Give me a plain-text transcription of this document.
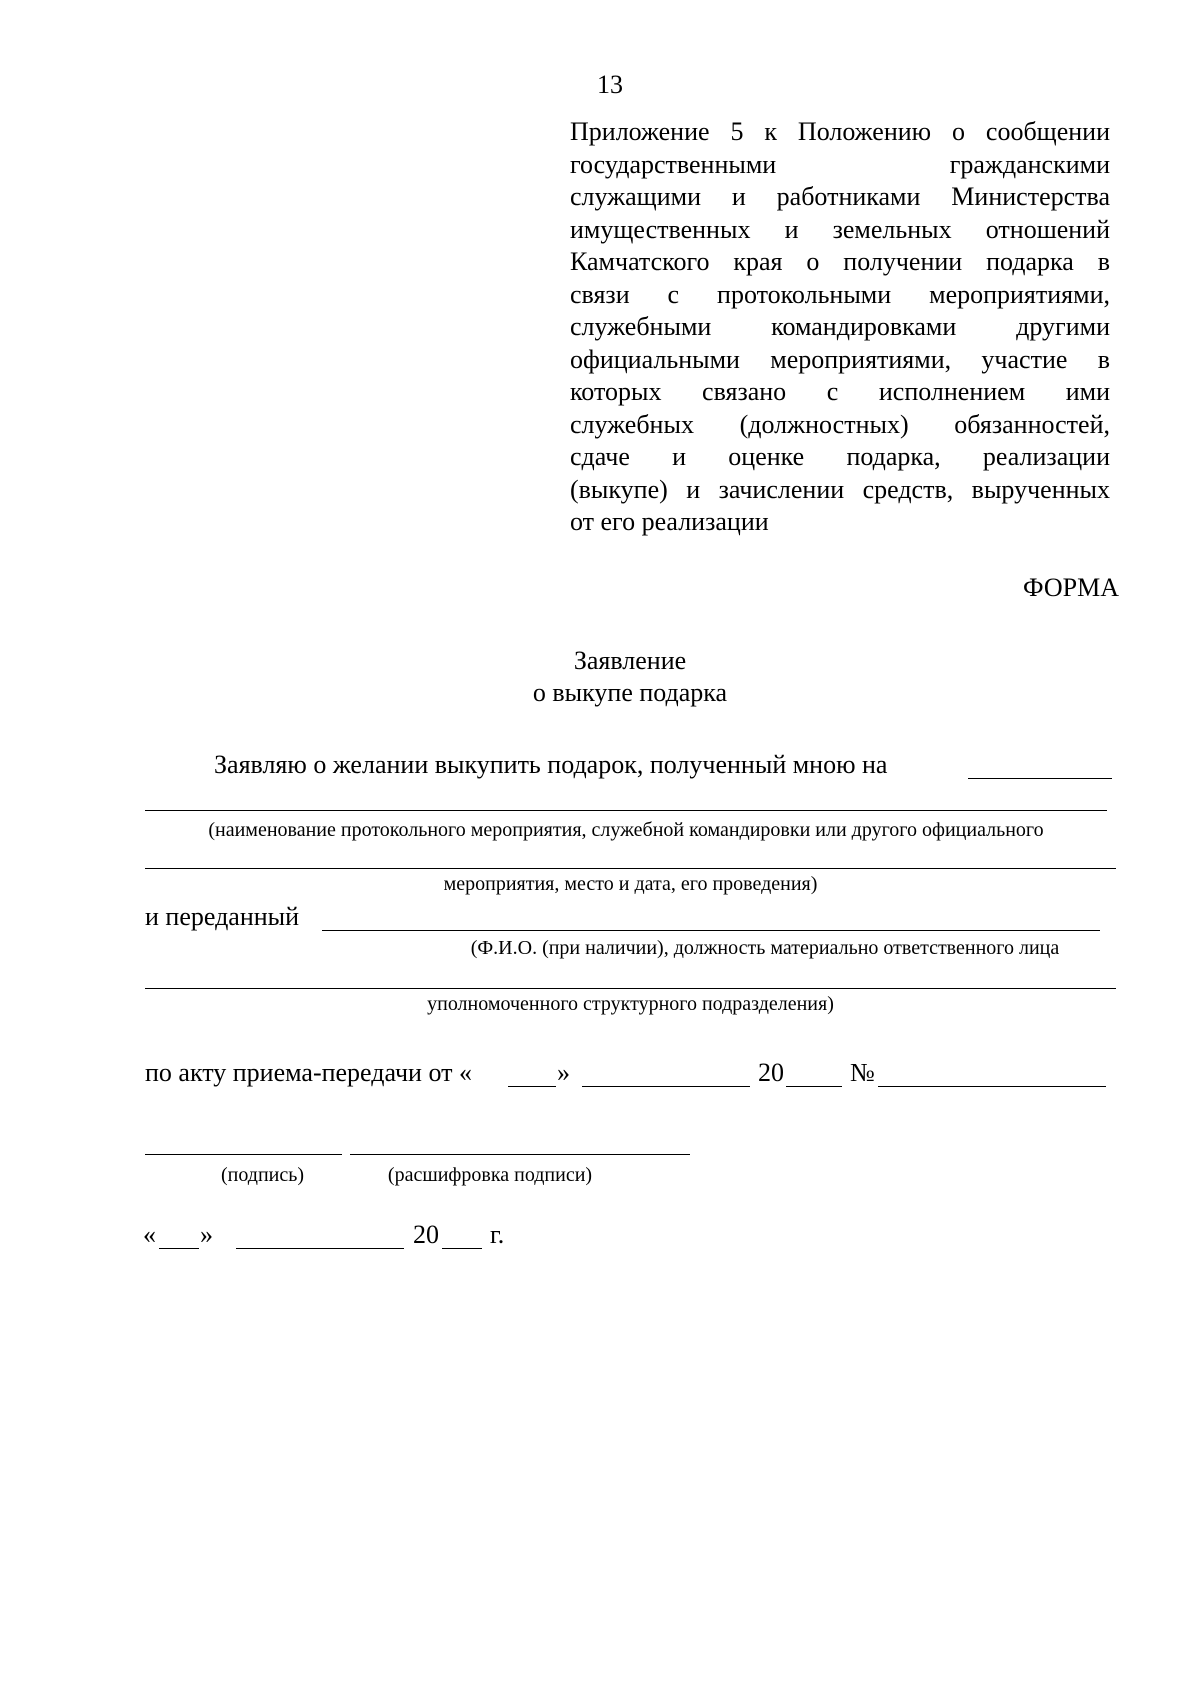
13
Приложение 5 к Положению о сообщении
государственными гражданскими
служащими и работниками Министерства
имущественных и земельных отношений
Камчатского края о получении подарка в
связи с протокольными мероприятиями,
служебными командировками другими
официальными мероприятиями, участие в
которых связано с исполнением ими
служебных (должностных) обязанностей,
сдаче и оценке подарка, реализации
(выкупе) и зачислении средств, вырученных
от его реализации
ФОРМА
Заявление
о выкупе подарка
Заявляю о желании выкупить подарок, полученный мною на
(наименование протокольного мероприятия, служебной командировки или другого официального
мероприятия, место и дата, его проведения)
и переданный
(Ф.И.О. (при наличии), должность материально ответственного лица
уполномоченного структурного подразделения)
по акту приема-передачи от «	»	20	№
(подпись)	(расшифровка подписи)
« »	20 г.
